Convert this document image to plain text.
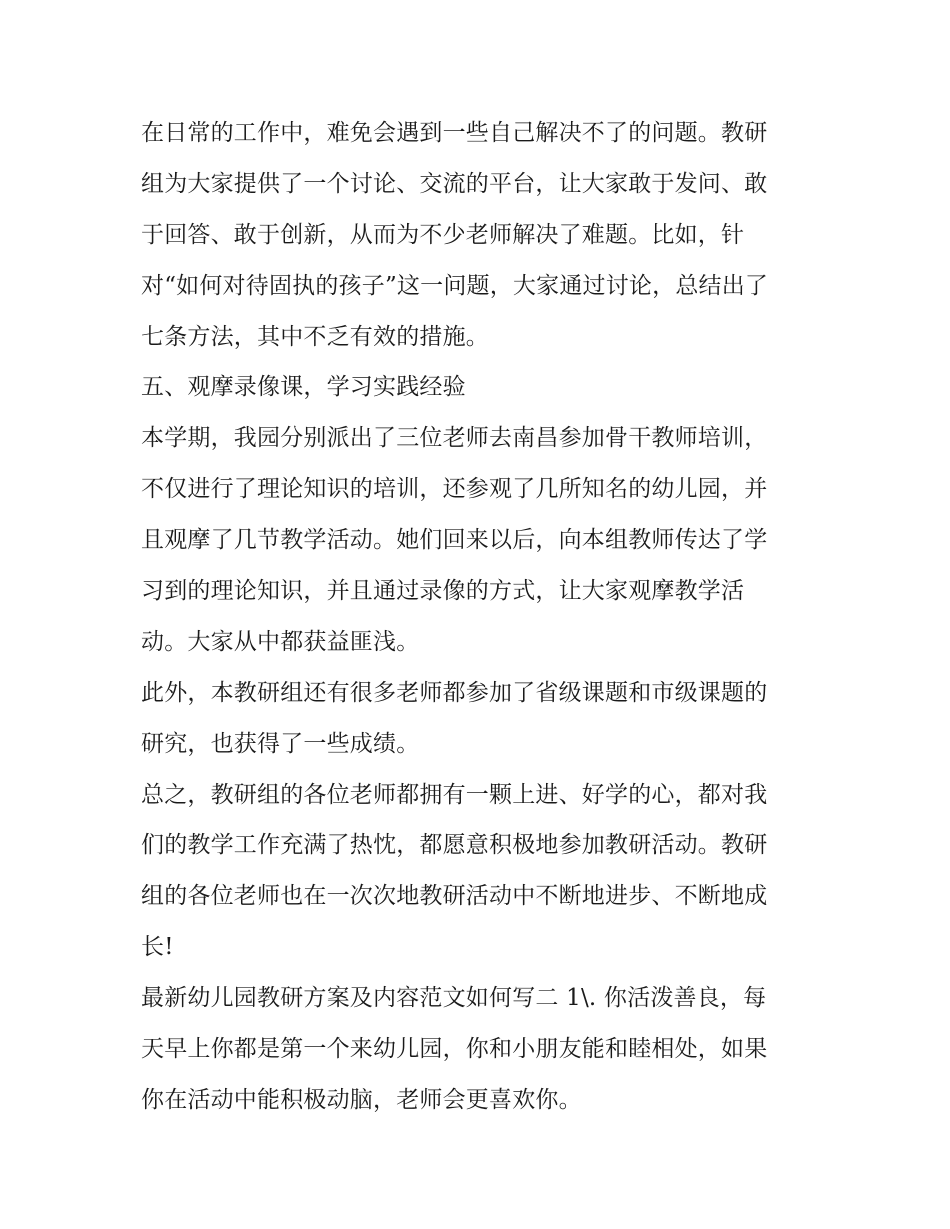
在日常的工作中，难免会遇到一些自己解决不了的问题。教研
组为大家提供了一个讨论、交流的平台，让大家敢于发问、敢
于回答、敢于创新，从而为不少老师解决了难题。比如，针
对“如何对待固执的孩子”这一问题，大家通过讨论，总结出了
七条方法，其中不乏有效的措施。
五、观摩录像课，学习实践经验
本学期，我园分别派出了三位老师去南昌参加骨干教师培训，
不仅进行了理论知识的培训，还参观了几所知名的幼儿园，并
且观摩了几节教学活动。她们回来以后，向本组教师传达了学
习到的理论知识，并且通过录像的方式，让大家观摩教学活
动。大家从中都获益匪浅。
此外，本教研组还有很多老师都参加了省级课题和市级课题的
研究，也获得了一些成绩。
总之，教研组的各位老师都拥有一颗上进、好学的心，都对我
们的教学工作充满了热忱，都愿意积极地参加教研活动。教研
组的各位老师也在一次次地教研活动中不断地进步、不断地成
长!
最新幼儿园教研方案及内容范文如何写二 1\. 你活泼善良，每
天早上你都是第一个来幼儿园，你和小朋友能和睦相处，如果
你在活动中能积极动脑，老师会更喜欢你。
